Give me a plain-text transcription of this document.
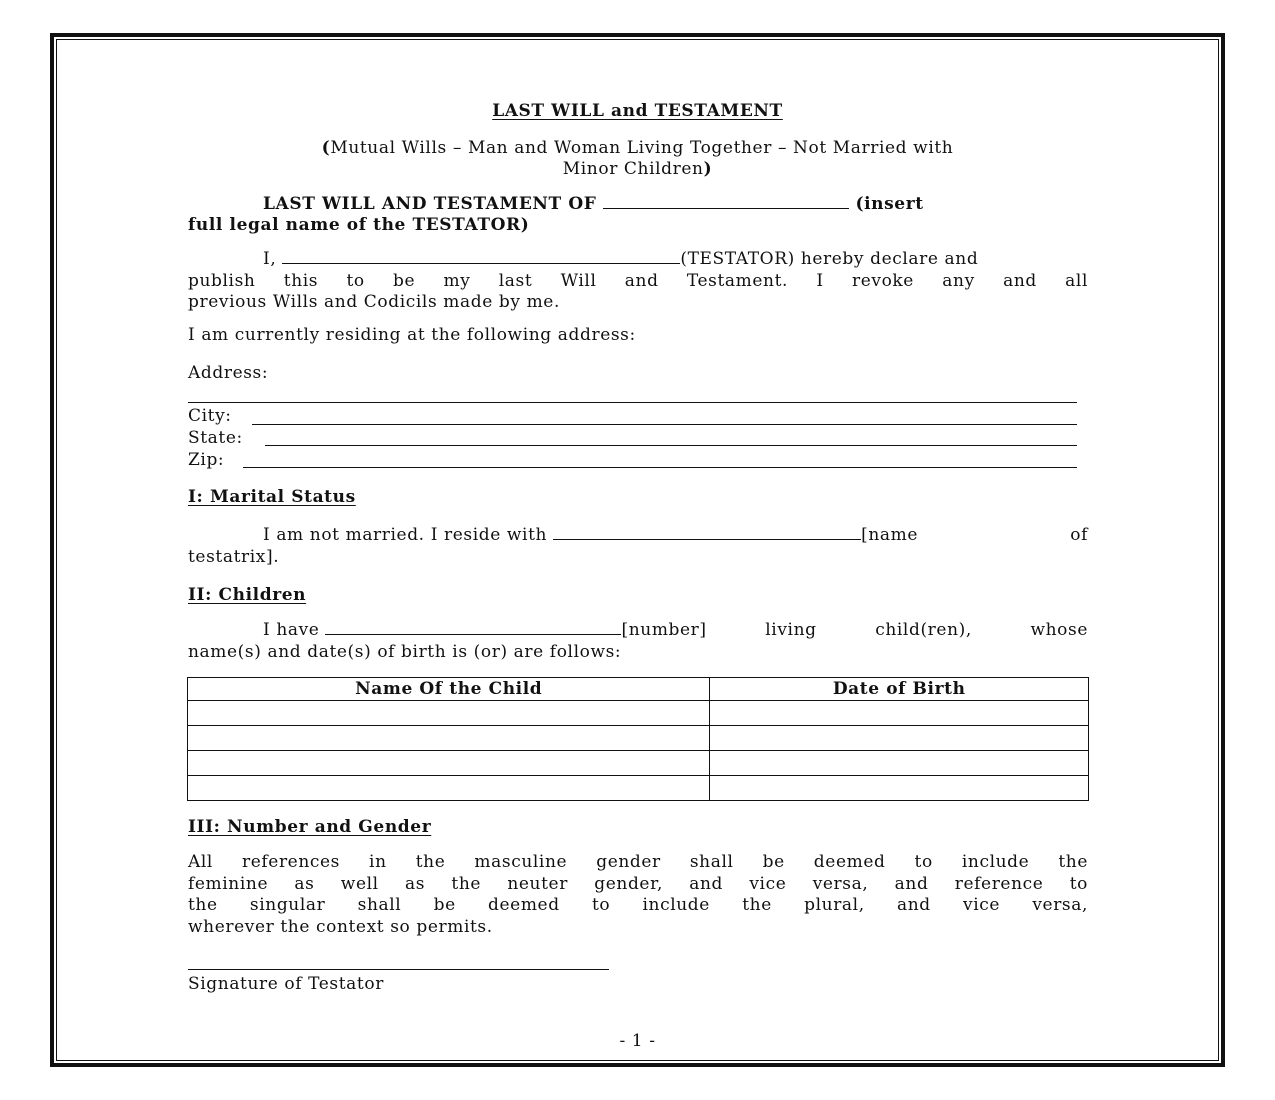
LAST WILL and TESTAMENT
(Mutual Wills – Man and Woman Living Together – Not Married with
Minor Children)
LAST WILL AND TESTAMENT OF	(insert
full legal name of the TESTATOR)
I,	(TESTATOR) hereby declare and
publish this to be my last Will and Testament. I revoke any and all
previous Wills and Codicils made by me.
I am currently residing at the following address:
Address:
City:
State:
Zip:
I: Marital Status
I am not married. I reside with	[name	of
testatrix].
II: Children
I have	[number]	living	child(ren),	whose
name(s) and date(s) of birth is (or) are follows:
Name Of the Child	Date of Birth

III: Number and Gender
All references in the masculine gender shall be deemed to include the
feminine as well as the neuter gender, and vice versa, and reference to
the singular shall be deemed to include the plural, and vice versa,
wherever the context so permits.
Signature of Testator
- 1 -
